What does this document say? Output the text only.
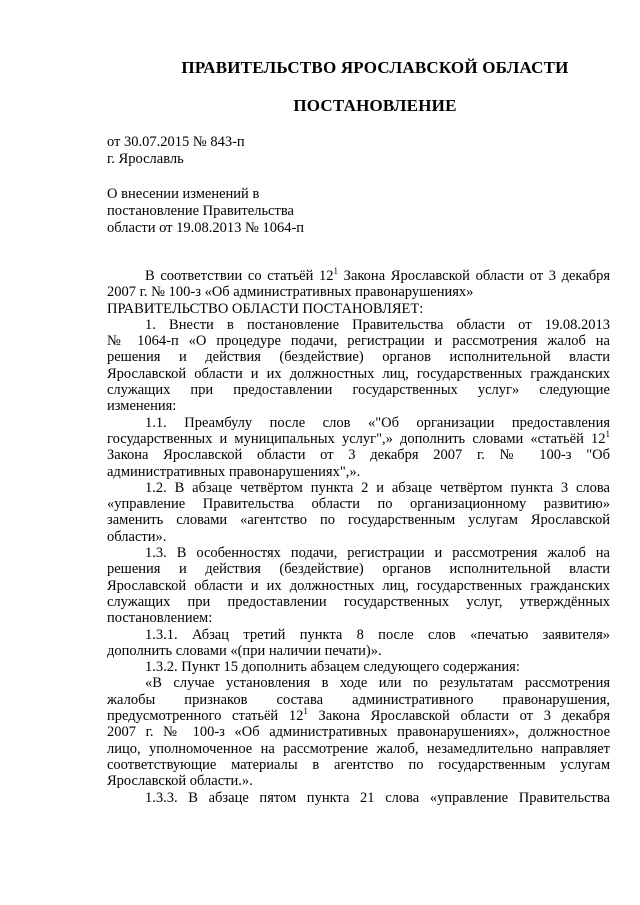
ПРАВИТЕЛЬСТВО ЯРОСЛАВСКОЙ ОБЛАСТИ
ПОСТАНОВЛЕНИЕ
от 30.07.2015 № 843-п
г. Ярославль
О внесении изменений в
постановление Правительства
области от 19.08.2013 № 1064-п

В соответствии со статьёй $12^1$ Закона Ярославской области от 3 декабря

2007 г. № 100-з «Об административных правонарушениях»

ПРАВИТЕЛЬСТВО ОБЛАСТИ ПОСТАНОВЛЯЕТ:

1. Внести в постановление Правительства области от 19.08.2013
№ 1064-п «О процедуре подачи, регистрации и рассмотрения жалоб на
решения и действия (бездействие) органов исполнительной власти
Ярославской области и их должностных лиц, государственных гражданских
служащих при предоставлении государственных услуг» следующие
изменения:

1.1. Преамбулу после слов «"Об организации предоставления
государственных и муниципальных услуг",» дополнить словами «статьёй $12^1$
Закона Ярославской области от 3 декабря 2007 г. № 100-з "Об
административных правонарушениях",».

1.2. В абзаце четвёртом пункта 2 и абзаце четвёртом пункта 3 слова
«управление Правительства области по организационному развитию»
заменить словами «агентство по государственным услугам Ярославской
области».

1.3. В особенностях подачи, регистрации и рассмотрения жалоб на
решения и действия (бездействие) органов исполнительной власти
Ярославской области и их должностных лиц, государственных гражданских
служащих при предоставлении государственных услуг, утверждённых
постановлением:

1.3.1. Абзац третий пункта 8 после слов «печатью заявителя»
дополнить словами «(при наличии печати)».

1.3.2. Пункт 15 дополнить абзацем следующего содержания:

«В случае установления в ходе или по результатам рассмотрения
жалобы признаков состава административного правонарушения,
предусмотренного статьёй $12^1$ Закона Ярославской области от 3 декабря
2007 г. № 100-з «Об административных правонарушениях», должностное
лицо, уполномоченное на рассмотрение жалоб, незамедлительно направляет
соответствующие материалы в агентство по государственным услугам
Ярославской области.».

1.3.3. В абзаце пятом пункта 21 слова «управление Правительства
